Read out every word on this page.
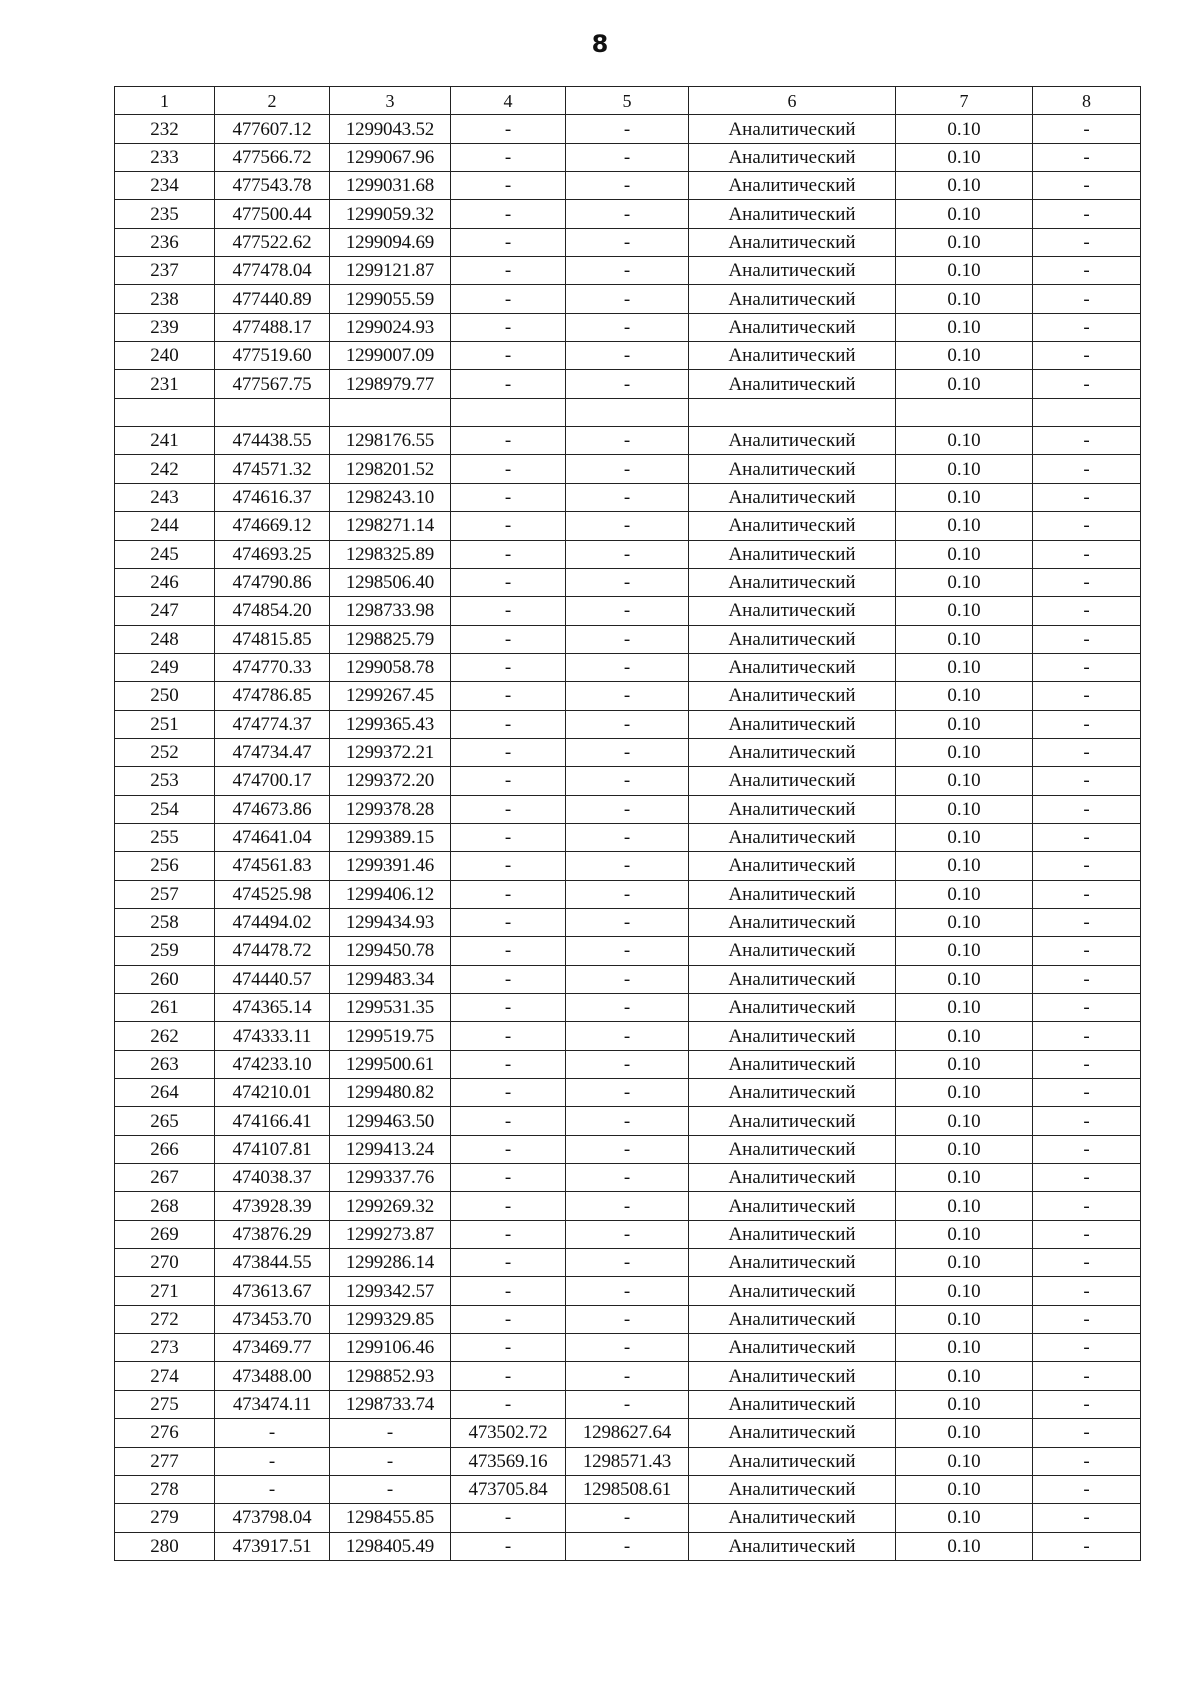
8
1	2	3	4	5	6	7	8
232	477607.12	1299043.52	-	-	Аналитический	0.10	-
233	477566.72	1299067.96	-	-	Аналитический	0.10	-
234	477543.78	1299031.68	-	-	Аналитический	0.10	-
235	477500.44	1299059.32	-	-	Аналитический	0.10	-
236	477522.62	1299094.69	-	-	Аналитический	0.10	-
237	477478.04	1299121.87	-	-	Аналитический	0.10	-
238	477440.89	1299055.59	-	-	Аналитический	0.10	-
239	477488.17	1299024.93	-	-	Аналитический	0.10	-
240	477519.60	1299007.09	-	-	Аналитический	0.10	-
231	477567.75	1298979.77	-	-	Аналитический	0.10	-

241	474438.55	1298176.55	-	-	Аналитический	0.10	-
242	474571.32	1298201.52	-	-	Аналитический	0.10	-
243	474616.37	1298243.10	-	-	Аналитический	0.10	-
244	474669.12	1298271.14	-	-	Аналитический	0.10	-
245	474693.25	1298325.89	-	-	Аналитический	0.10	-
246	474790.86	1298506.40	-	-	Аналитический	0.10	-
247	474854.20	1298733.98	-	-	Аналитический	0.10	-
248	474815.85	1298825.79	-	-	Аналитический	0.10	-
249	474770.33	1299058.78	-	-	Аналитический	0.10	-
250	474786.85	1299267.45	-	-	Аналитический	0.10	-
251	474774.37	1299365.43	-	-	Аналитический	0.10	-
252	474734.47	1299372.21	-	-	Аналитический	0.10	-
253	474700.17	1299372.20	-	-	Аналитический	0.10	-
254	474673.86	1299378.28	-	-	Аналитический	0.10	-
255	474641.04	1299389.15	-	-	Аналитический	0.10	-
256	474561.83	1299391.46	-	-	Аналитический	0.10	-
257	474525.98	1299406.12	-	-	Аналитический	0.10	-
258	474494.02	1299434.93	-	-	Аналитический	0.10	-
259	474478.72	1299450.78	-	-	Аналитический	0.10	-
260	474440.57	1299483.34	-	-	Аналитический	0.10	-
261	474365.14	1299531.35	-	-	Аналитический	0.10	-
262	474333.11	1299519.75	-	-	Аналитический	0.10	-
263	474233.10	1299500.61	-	-	Аналитический	0.10	-
264	474210.01	1299480.82	-	-	Аналитический	0.10	-
265	474166.41	1299463.50	-	-	Аналитический	0.10	-
266	474107.81	1299413.24	-	-	Аналитический	0.10	-
267	474038.37	1299337.76	-	-	Аналитический	0.10	-
268	473928.39	1299269.32	-	-	Аналитический	0.10	-
269	473876.29	1299273.87	-	-	Аналитический	0.10	-
270	473844.55	1299286.14	-	-	Аналитический	0.10	-
271	473613.67	1299342.57	-	-	Аналитический	0.10	-
272	473453.70	1299329.85	-	-	Аналитический	0.10	-
273	473469.77	1299106.46	-	-	Аналитический	0.10	-
274	473488.00	1298852.93	-	-	Аналитический	0.10	-
275	473474.11	1298733.74	-	-	Аналитический	0.10	-
276	-	-	473502.72	1298627.64	Аналитический	0.10	-
277	-	-	473569.16	1298571.43	Аналитический	0.10	-
278	-	-	473705.84	1298508.61	Аналитический	0.10	-
279	473798.04	1298455.85	-	-	Аналитический	0.10	-
280	473917.51	1298405.49	-	-	Аналитический	0.10	-
